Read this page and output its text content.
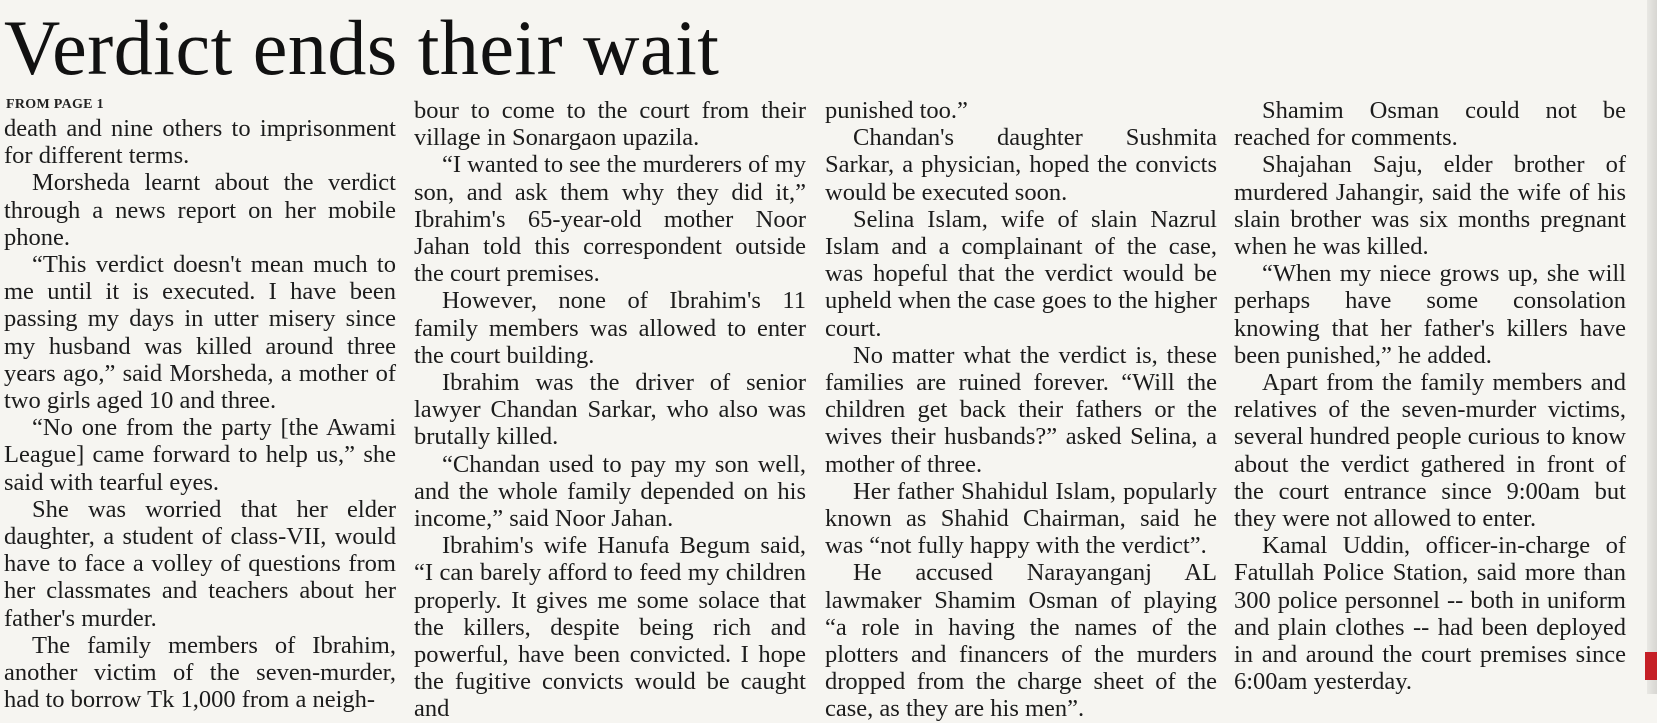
Verdict ends their wait
FROM PAGE 1

death and nine others to imprisonment for different terms.

Morsheda learnt about the verdict through a news report on her mobile phone.

“This verdict doesn't mean much to me until it is executed. I have been passing my days in utter misery since my husband was killed around three years ago,” said Morsheda, a mother of two girls aged 10 and three.

“No one from the party [the Awami League] came forward to help us,” she said with tearful eyes.

She was worried that her elder daughter, a student of class-VII, would have to face a volley of questions from her classmates and teachers about her father's murder.

The family members of Ibrahim, another victim of the seven-murder, had to borrow Tk 1,000 from a neigh-

bour to come to the court from their village in Sonargaon upazila.

“I wanted to see the murderers of my son, and ask them why they did it,” Ibrahim's 65-year-old mother Noor Jahan told this correspondent outside the court premises.

However, none of Ibrahim's 11 family members was allowed to enter the court building.

Ibrahim was the driver of senior lawyer Chandan Sarkar, who also was brutally killed.

“Chandan used to pay my son well, and the whole family depended on his income,” said Noor Jahan.

Ibrahim's wife Hanufa Begum said, “I can barely afford to feed my children properly. It gives me some solace that the killers, despite being rich and powerful, have been convicted. I hope the fugitive convicts would be caught and

punished too.”

Chandan's daughter Sushmita Sarkar, a physician, hoped the convicts would be executed soon.

Selina Islam, wife of slain Nazrul Islam and a complainant of the case, was hopeful that the verdict would be upheld when the case goes to the higher court.

No matter what the verdict is, these families are ruined forever. “Will the children get back their fathers or the wives their husbands?” asked Selina, a mother of three.

Her father Shahidul Islam, popularly known as Shahid Chairman, said he was “not fully happy with the verdict”.

He accused Narayanganj AL lawmaker Shamim Osman of playing “a role in having the names of the plotters and financers of the murders dropped from the charge sheet of the case, as they are his men”.

Shamim Osman could not be reached for comments.

Shajahan Saju, elder brother of murdered Jahangir, said the wife of his slain brother was six months pregnant when he was killed.

“When my niece grows up, she will perhaps have some consolation knowing that her father's killers have been punished,” he added.

Apart from the family members and relatives of the seven-murder victims, several hundred people curious to know about the verdict gathered in front of the court entrance since 9:00am but they were not allowed to enter.

Kamal Uddin, officer-in-charge of Fatullah Police Station, said more than 300 police personnel -- both in uniform and plain clothes -- had been deployed in and around the court premises since 6:00am yesterday.
